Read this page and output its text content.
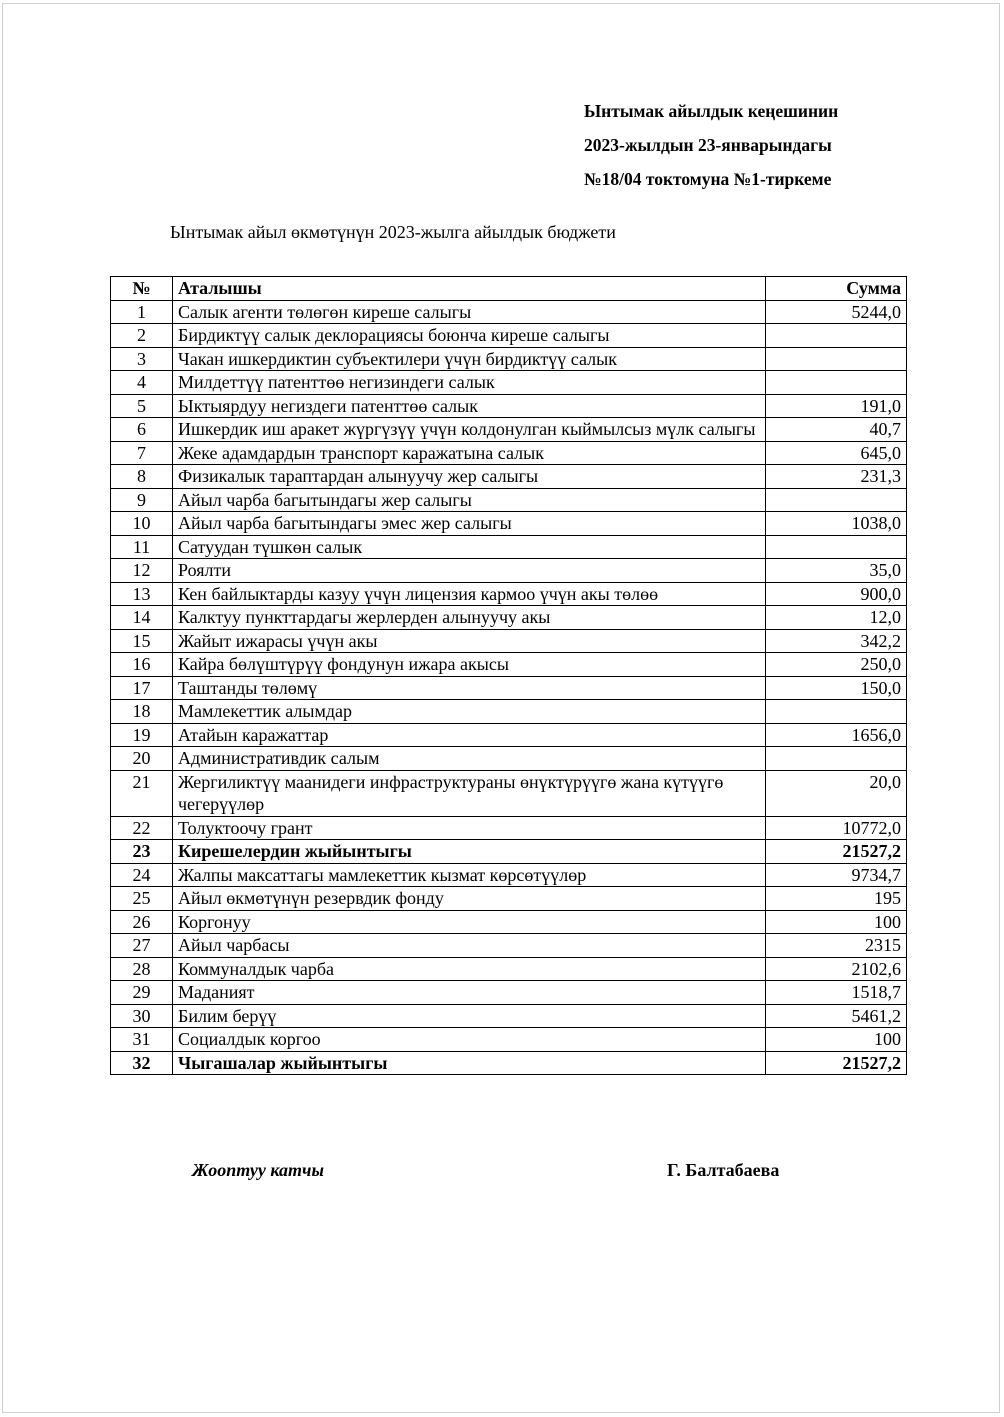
Ынтымак айылдык кеңешинин
2023-жылдын 23-январындагы
№18/04 токтомуна №1-тиркеме
Ынтымак айыл өкмөтүнүн 2023-жылга айылдык бюджети
№	Аталышы	Сумма
1	Салык агенти төлөгөн киреше салыгы	5244,0
2	Бирдиктүү салык деклорациясы боюнча киреше салыгы	
3	Чакан ишкердиктин субъектилери үчүн бирдиктүү салык	
4	Милдеттүү патенттөө негизиндеги салык	
5	Ыктыярдуу негиздеги патенттөө салык	191,0
6	Ишкердик иш аракет жүргүзүү үчүн колдонулган кыймылсыз мүлк салыгы	40,7
7	Жеке адамдардын транспорт каражатына салык	645,0
8	Физикалык тараптардан алынуучу жер салыгы	231,3
9	Айыл чарба багытындагы жер салыгы	
10	Айыл чарба багытындагы эмес жер салыгы	1038,0
11	Сатуудан түшкөн салык	
12	Роялти	35,0
13	Кен байлыктарды казуу үчүн лицензия кармоо үчүн акы төлөө	900,0
14	Калктуу пункттардагы жерлерден алынуучу акы	12,0
15	Жайыт ижарасы үчүн акы	342,2
16	Кайра бөлүштүрүү фондунун ижара акысы	250,0
17	Таштанды төлөмү	150,0
18	Мамлекеттик алымдар	
19	Атайын каражаттар	1656,0
20	Административдик салым	
21	Жергиликтүү маанидеги инфраструктураны өнүктүрүүгө жана күтүүгө чегерүүлөр	20,0
22	Толуктоочу грант	10772,0
23	Кирешелердин жыйынтыгы	21527,2
24	Жалпы максаттагы мамлекеттик кызмат көрсөтүүлөр	9734,7
25	Айыл өкмөтүнүн резервдик фонду	195
26	Коргонуу	100
27	Айыл чарбасы	2315
28	Коммуналдык чарба	2102,6
29	Маданият	1518,7
30	Билим берүү	5461,2
31	Социалдык коргоо	100
32	Чыгашалар жыйынтыгы	21527,2
Жооптуу катчы	Г. Балтабаева
